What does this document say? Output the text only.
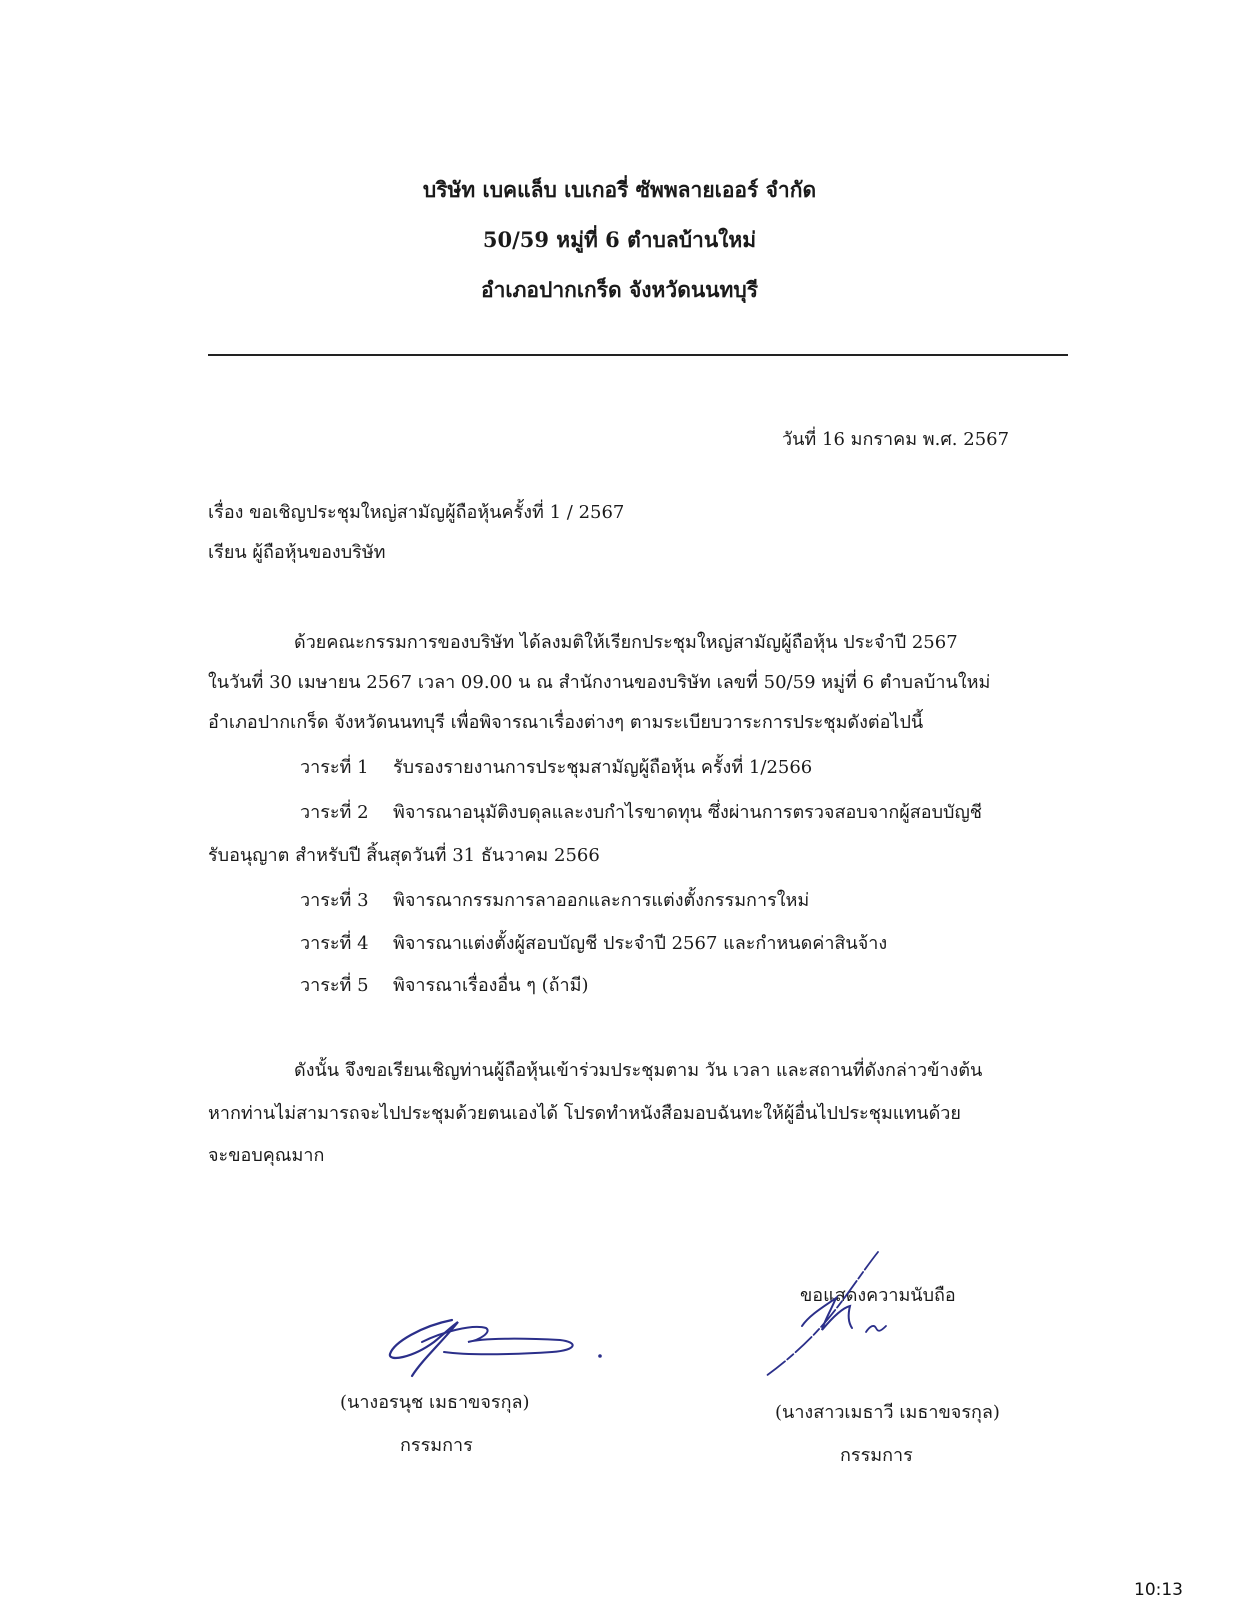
บริษัท เบคแล็บ เบเกอรี่ ซัพพลายเออร์ จำกัด
50/59 หมู่ที่ 6 ตำบลบ้านใหม่
อำเภอปากเกร็ด จังหวัดนนทบุรี
วันที่ 16 มกราคม พ.ศ. 2567
เรื่อง ขอเชิญประชุมใหญ่สามัญผู้ถือหุ้นครั้งที่ 1 / 2567
เรียน ผู้ถือหุ้นของบริษัท
ด้วยคณะกรรมการของบริษัท ได้ลงมติให้เรียกประชุมใหญ่สามัญผู้ถือหุ้น ประจำปี 2567
ในวันที่ 30 เมษายน 2567 เวลา 09.00 น ณ สำนักงานของบริษัท เลขที่ 50/59 หมู่ที่ 6 ตำบลบ้านใหม่
อำเภอปากเกร็ด จังหวัดนนทบุรี เพื่อพิจารณาเรื่องต่างๆ ตามระเบียบวาระการประชุมดังต่อไปนี้
วาระที่ 1 รับรองรายงานการประชุมสามัญผู้ถือหุ้น ครั้งที่ 1/2566
วาระที่ 2 พิจารณาอนุมัติงบดุลและงบกำไรขาดทุน ซึ่งผ่านการตรวจสอบจากผู้สอบบัญชี
รับอนุญาต สำหรับปี สิ้นสุดวันที่ 31 ธันวาคม 2566
วาระที่ 3 พิจารณากรรมการลาออกและการแต่งตั้งกรรมการใหม่
วาระที่ 4 พิจารณาแต่งตั้งผู้สอบบัญชี ประจำปี 2567 และกำหนดค่าสินจ้าง
วาระที่ 5 พิจารณาเรื่องอื่น ๆ (ถ้ามี)
ดังนั้น จึงขอเรียนเชิญท่านผู้ถือหุ้นเข้าร่วมประชุมตาม วัน เวลา และสถานที่ดังกล่าวข้างต้น
หากท่านไม่สามารถจะไปประชุมด้วยตนเองได้ โปรดทำหนังสือมอบฉันทะให้ผู้อื่นไปประชุมแทนด้วย
จะขอบคุณมาก
ขอแสดงความนับถือ
(นางอรนุช เมธาขจรกุล)
กรรมการ
(นางสาวเมธาวี เมธาขจรกุล)
กรรมการ
10:13
